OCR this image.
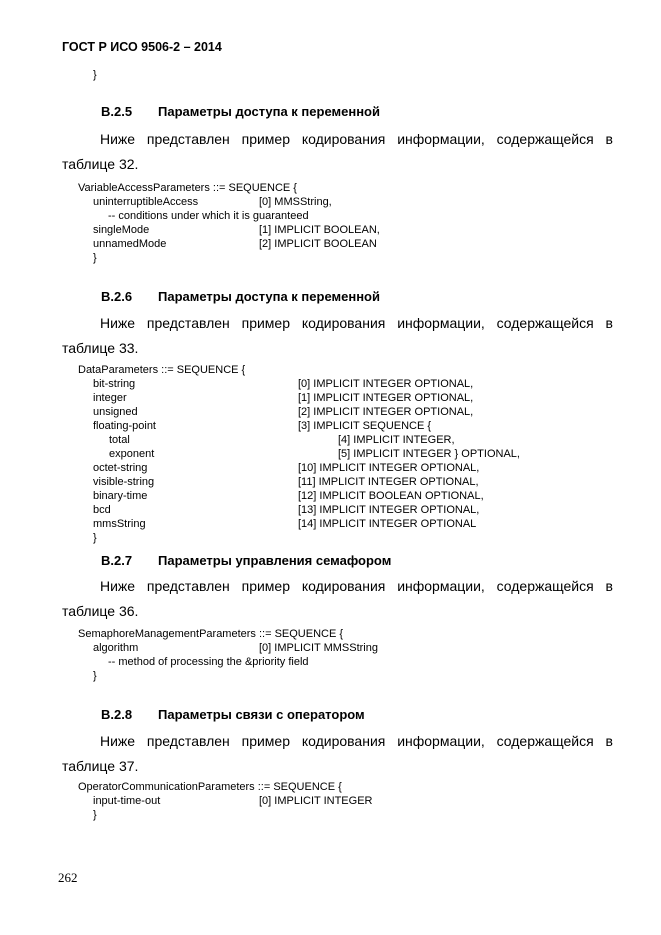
ГОСТ Р ИСО 9506-2 – 2014
}
B.2.5 Параметры доступа к переменной
Ниже представлен пример кодирования информации, содержащейся в
таблице 32.
VariableAccessParameters ::= SEQUENCE {
uninterruptibleAccess	[0] MMSString,
-- conditions under which it is guaranteed
singleMode	[1] IMPLICIT BOOLEAN,
unnamedMode	[2] IMPLICIT BOOLEAN
}
B.2.6 Параметры доступа к переменной
Ниже представлен пример кодирования информации, содержащейся в
таблице 33.
DataParameters ::= SEQUENCE {
bit-string	[0] IMPLICIT INTEGER OPTIONAL,
integer	[1] IMPLICIT INTEGER OPTIONAL,
unsigned	[2] IMPLICIT INTEGER OPTIONAL,
floating-point	[3] IMPLICIT SEQUENCE {
total	[4] IMPLICIT INTEGER,
exponent	[5] IMPLICIT INTEGER } OPTIONAL,
octet-string	[10] IMPLICIT INTEGER OPTIONAL,
visible-string	[11] IMPLICIT INTEGER OPTIONAL,
binary-time	[12] IMPLICIT BOOLEAN OPTIONAL,
bcd	[13] IMPLICIT INTEGER OPTIONAL,
mmsString	[14] IMPLICIT INTEGER OPTIONAL
}
B.2.7 Параметры управления семафором
Ниже представлен пример кодирования информации, содержащейся в
таблице 36.
SemaphoreManagementParameters ::= SEQUENCE {
algorithm	[0] IMPLICIT MMSString
-- method of processing the &priority field
}
B.2.8 Параметры связи с оператором
Ниже представлен пример кодирования информации, содержащейся в
таблице 37.
OperatorCommunicationParameters ::= SEQUENCE {
input-time-out	[0] IMPLICIT INTEGER
}
262
